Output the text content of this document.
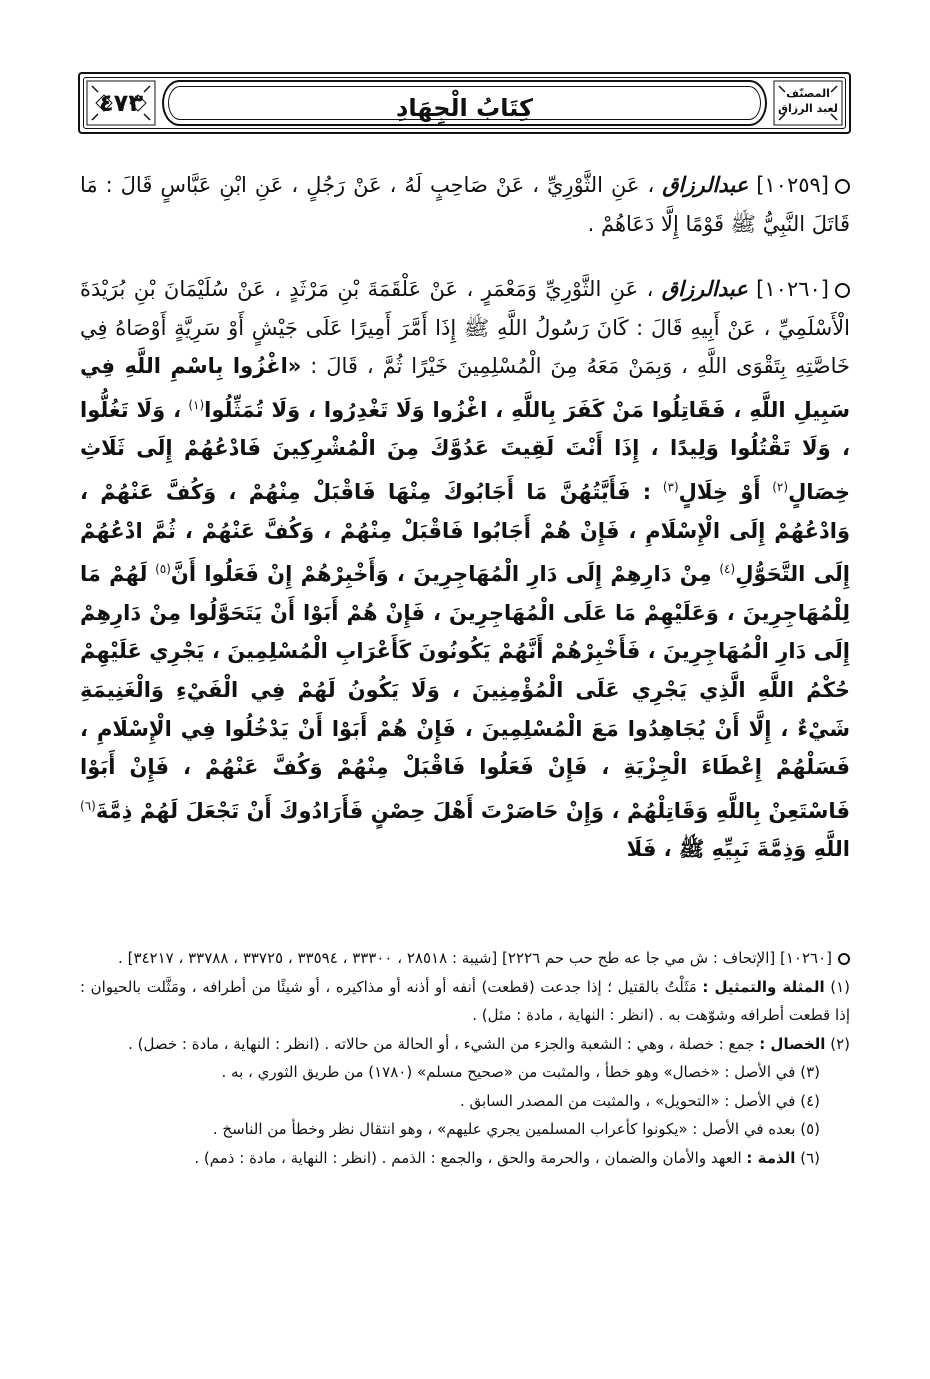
٤٧٣	كِتَابُ الْجِهَادِ
المصنّف
لعبد الرزاق
[١٠٢٥٩] عبدالرزاق ، عَنِ الثَّوْرِيِّ ، عَنْ صَاحِبٍ لَهُ ، عَنْ رَجُلٍ ، عَنِ ابْنِ عَبَّاسٍ قَالَ : مَا قَاتَلَ النَّبِيُّ ﷺ قَوْمًا إِلَّا دَعَاهُمْ .
[١٠٢٦٠] عبدالرزاق ، عَنِ الثَّوْرِيِّ وَمَعْمَرٍ ، عَنْ عَلْقَمَةَ بْنِ مَرْثَدٍ ، عَنْ سُلَيْمَانَ بْنِ بُرَيْدَةَ الْأَسْلَمِيِّ ، عَنْ أَبِيهِ قَالَ : كَانَ رَسُولُ اللَّهِ ﷺ إِذَا أَمَّرَ أَمِيرًا عَلَى جَيْشٍ أَوْ سَرِيَّةٍ أَوْصَاهُ فِي خَاصَّتِهِ بِتَقْوَى اللَّهِ ، وَبِمَنْ مَعَهُ مِنَ الْمُسْلِمِينَ خَيْرًا ثُمَّ ، قَالَ : «اغْزُوا بِاسْمِ اللَّهِ فِي سَبِيلِ اللَّهِ ، فَقَاتِلُوا مَنْ كَفَرَ بِاللَّهِ ، اغْزُوا وَلَا تَغْدِرُوا ، وَلَا تُمَثِّلُوا$^{(١)}$ ، وَلَا تَغُلُّوا ، وَلَا تَقْتُلُوا وَلِيدًا ، إِذَا أَنْتَ لَقِيتَ عَدُوَّكَ مِنَ الْمُشْرِكِينَ فَادْعُهُمْ إِلَى ثَلَاثِ خِصَالٍ$^{(٢)}$ أَوْ خِلَالٍ$^{(٣)}$ : فَأَيَّتُهُنَّ مَا أَجَابُوكَ مِنْهَا فَاقْبَلْ مِنْهُمْ ، وَكُفَّ عَنْهُمْ ، وَادْعُهُمْ إِلَى الْإِسْلَامِ ، فَإِنْ هُمْ أَجَابُوا فَاقْبَلْ مِنْهُمْ ، وَكُفَّ عَنْهُمْ ، ثُمَّ ادْعُهُمْ إِلَى التَّحَوُّلِ$^{(٤)}$ مِنْ دَارِهِمْ إِلَى دَارِ الْمُهَاجِرِينَ ، وَأَخْبِرْهُمْ إِنْ فَعَلُوا أَنَّ$^{(٥)}$ لَهُمْ مَا لِلْمُهَاجِرِينَ ، وَعَلَيْهِمْ مَا عَلَى الْمُهَاجِرِينَ ، فَإِنْ هُمْ أَبَوْا أَنْ يَتَحَوَّلُوا مِنْ دَارِهِمْ إِلَى دَارِ الْمُهَاجِرِينَ ، فَأَخْبِرْهُمْ أَنَّهُمْ يَكُونُونَ كَأَعْرَابِ الْمُسْلِمِينَ ، يَجْرِي عَلَيْهِمْ حُكْمُ اللَّهِ الَّذِي يَجْرِي عَلَى الْمُؤْمِنِينَ ، وَلَا يَكُونُ لَهُمْ فِي الْفَيْءِ وَالْغَنِيمَةِ شَيْءٌ ، إِلَّا أَنْ يُجَاهِدُوا مَعَ الْمُسْلِمِينَ ، فَإِنْ هُمْ أَبَوْا أَنْ يَدْخُلُوا فِي الْإِسْلَامِ ، فَسَلْهُمْ إِعْطَاءَ الْجِزْيَةِ ، فَإِنْ فَعَلُوا فَاقْبَلْ مِنْهُمْ وَكُفَّ عَنْهُمْ ، فَإِنْ أَبَوْا فَاسْتَعِنْ بِاللَّهِ وَقَاتِلْهُمْ ، وَإِنْ حَاصَرْتَ أَهْلَ حِصْنٍ فَأَرَادُوكَ أَنْ تَجْعَلَ لَهُمْ ذِمَّةَ$^{(٦)}$ اللَّهِ وَذِمَّةَ نَبِيِّهِ ﷺ ، فَلَا
[١٠٢٦٠] [الإتحاف : ش مي جا عه طح حب حم ٢٢٢٦] [شيبة : ٢٨٥١٨ ، ٣٣٣٠٠ ، ٣٣٥٩٤ ، ٣٣٧٢٥ ، ٣٣٧٨٨ ، ٣٤٢١٧] .
(١) المثلة والتمثيل : مَثَلْتُ بالقتيل ؛ إذا جدعت (قطعت) أنفه أو أذنه أو مذاكيره ، أو شيئًا من أطرافه ، ومَثَّلت بالحيوان : إذا قطعت أطرافه وشوّهت به . (انظر : النهاية ، مادة : مثل) .
(٢) الخصال : جمع : خصلة ، وهي : الشعبة والجزء من الشيء ، أو الحالة من حالاته . (انظر : النهاية ، مادة : خصل) .
(٣) في الأصل : «خصال» وهو خطأ ، والمثبت من «صحيح مسلم» (١٧٨٠) من طريق الثوري ، به .
(٤) في الأصل : «التحويل» ، والمثبت من المصدر السابق .
(٥) بعده في الأصل : «يكونوا كأعراب المسلمين يجري عليهم» ، وهو انتقال نظر وخطأ من الناسخ .
(٦) الذمة : العهد والأمان والضمان ، والحرمة والحق ، والجمع : الذمم . (انظر : النهاية ، مادة : ذمم) .
